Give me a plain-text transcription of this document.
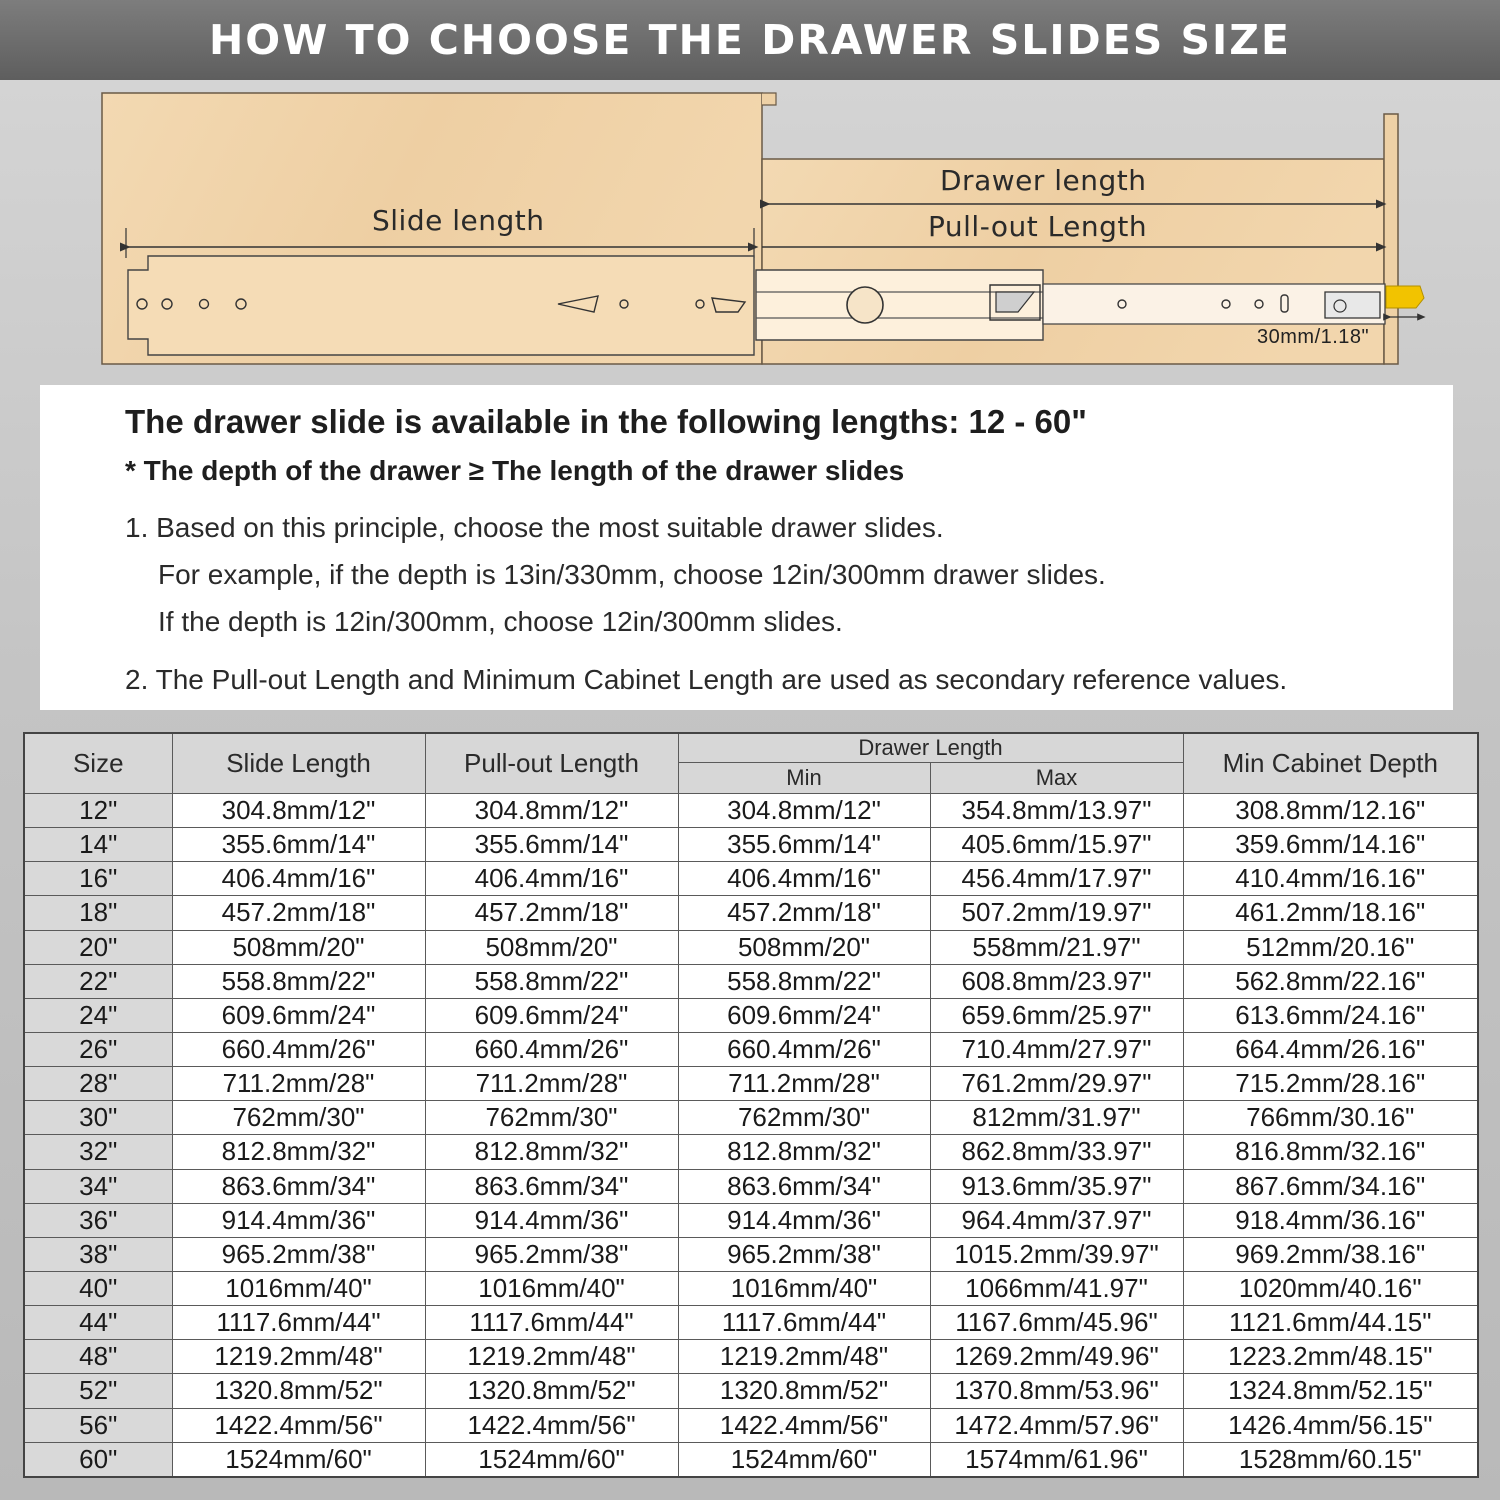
HOW TO CHOOSE THE DRAWER SLIDES SIZE
Slide length
Drawer length
Pull-out Length
30mm/1.18"
The drawer slide is available in the following lengths: 12 - 60"
* The depth of the drawer ≥ The length of the drawer slides
1. Based on this principle, choose the most suitable drawer slides.
For example, if the depth is 13in/330mm, choose 12in/300mm drawer slides.
If the depth is 12in/300mm, choose 12in/300mm slides.
2. The Pull-out Length and Minimum Cabinet Length are used as secondary reference values.
Size	Slide Length	Pull-out Length	Drawer Length		Min Cabinet Depth
			Min	Max	
12"	304.8mm/12"	304.8mm/12"	304.8mm/12"	354.8mm/13.97"	308.8mm/12.16"
14"	355.6mm/14"	355.6mm/14"	355.6mm/14"	405.6mm/15.97"	359.6mm/14.16"
16"	406.4mm/16"	406.4mm/16"	406.4mm/16"	456.4mm/17.97"	410.4mm/16.16"
18"	457.2mm/18"	457.2mm/18"	457.2mm/18"	507.2mm/19.97"	461.2mm/18.16"
20"	508mm/20"	508mm/20"	508mm/20"	558mm/21.97"	512mm/20.16"
22"	558.8mm/22"	558.8mm/22"	558.8mm/22"	608.8mm/23.97"	562.8mm/22.16"
24"	609.6mm/24"	609.6mm/24"	609.6mm/24"	659.6mm/25.97"	613.6mm/24.16"
26"	660.4mm/26"	660.4mm/26"	660.4mm/26"	710.4mm/27.97"	664.4mm/26.16"
28"	711.2mm/28"	711.2mm/28"	711.2mm/28"	761.2mm/29.97"	715.2mm/28.16"
30"	762mm/30"	762mm/30"	762mm/30"	812mm/31.97"	766mm/30.16"
32"	812.8mm/32"	812.8mm/32"	812.8mm/32"	862.8mm/33.97"	816.8mm/32.16"
34"	863.6mm/34"	863.6mm/34"	863.6mm/34"	913.6mm/35.97"	867.6mm/34.16"
36"	914.4mm/36"	914.4mm/36"	914.4mm/36"	964.4mm/37.97"	918.4mm/36.16"
38"	965.2mm/38"	965.2mm/38"	965.2mm/38"	1015.2mm/39.97"	969.2mm/38.16"
40"	1016mm/40"	1016mm/40"	1016mm/40"	1066mm/41.97"	1020mm/40.16"
44"	1117.6mm/44"	1117.6mm/44"	1117.6mm/44"	1167.6mm/45.96"	1121.6mm/44.15"
48"	1219.2mm/48"	1219.2mm/48"	1219.2mm/48"	1269.2mm/49.96"	1223.2mm/48.15"
52"	1320.8mm/52"	1320.8mm/52"	1320.8mm/52"	1370.8mm/53.96"	1324.8mm/52.15"
56"	1422.4mm/56"	1422.4mm/56"	1422.4mm/56"	1472.4mm/57.96"	1426.4mm/56.15"
60"	1524mm/60"	1524mm/60"	1524mm/60"	1574mm/61.96"	1528mm/60.15"
